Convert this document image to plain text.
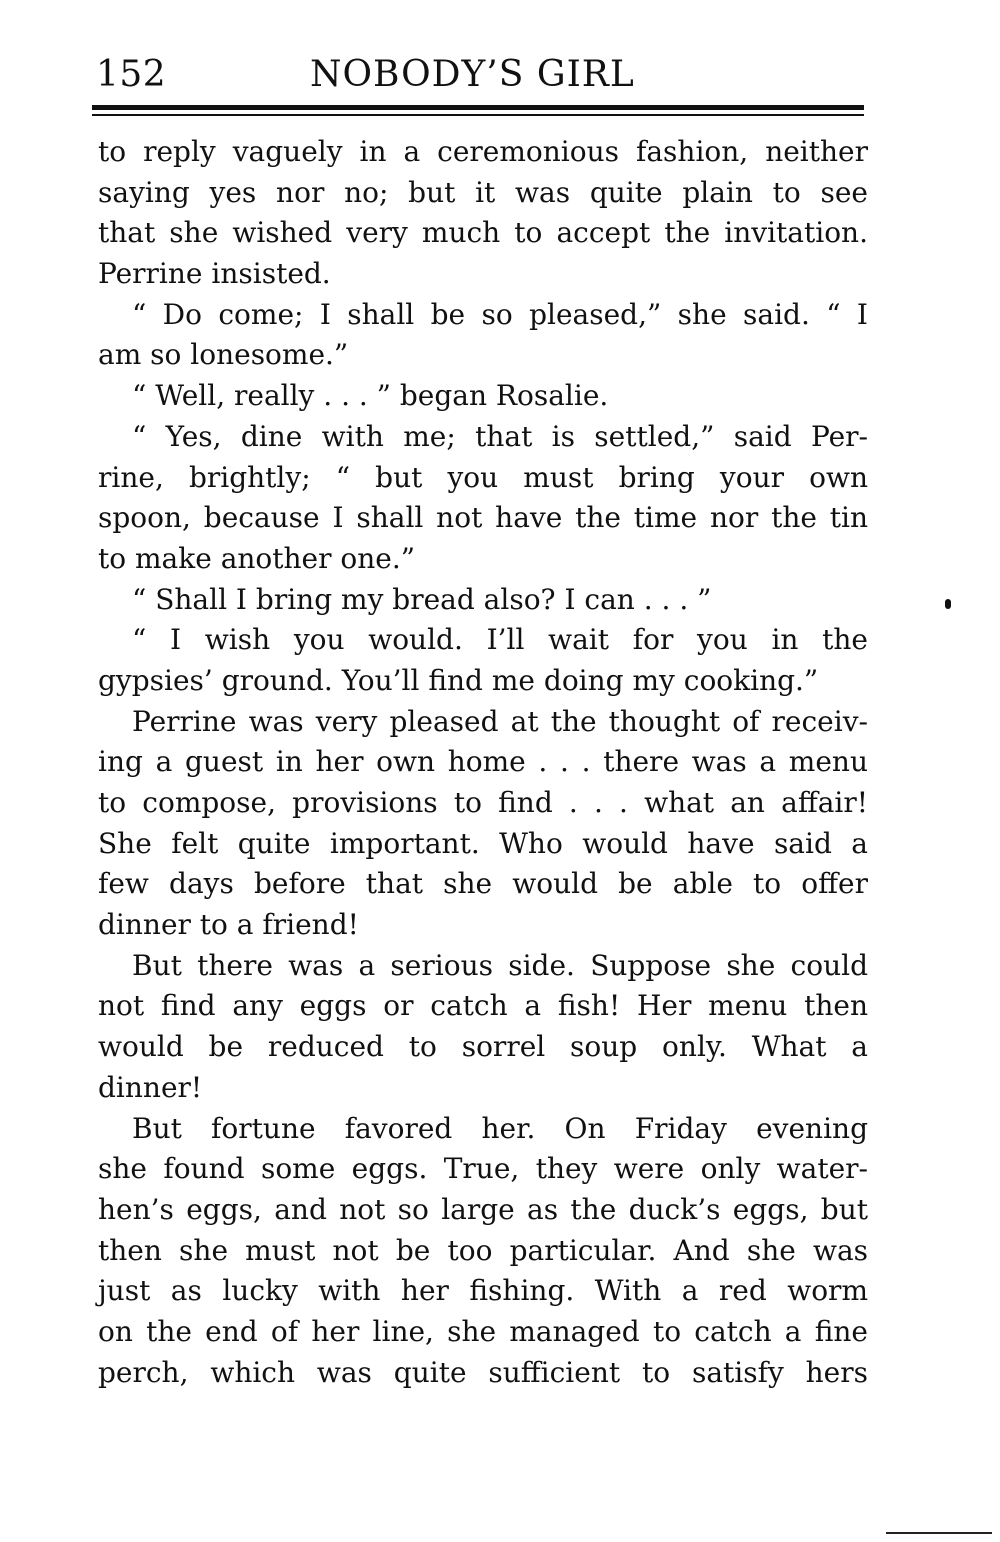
152	NOBODY’S GIRL
to reply vaguely in a ceremonious fashion, neither
saying yes nor no; but it was quite plain to see
that she wished very much to accept the invitation.
Perrine insisted.
“ Do come; I shall be so pleased,” she said. “ I
am so lonesome.”
“ Well, really . . . ” began Rosalie.
“ Yes, dine with me; that is settled,” said Per-
rine, brightly; “ but you must bring your own
spoon, because I shall not have the time nor the tin
to make another one.”
“ Shall I bring my bread also? I can . . . ”
“ I wish you would. I’ll wait for you in the
gypsies’ ground. You’ll find me doing my cooking.”
Perrine was very pleased at the thought of receiv-
ing a guest in her own home . . . there was a menu
to compose, provisions to find . . . what an affair!
She felt quite important. Who would have said a
few days before that she would be able to offer
dinner to a friend!
But there was a serious side. Suppose she could
not find any eggs or catch a fish! Her menu then
would be reduced to sorrel soup only. What a
dinner!
But fortune favored her. On Friday evening
she found some eggs. True, they were only water-
hen’s eggs, and not so large as the duck’s eggs, but
then she must not be too particular. And she was
just as lucky with her fishing. With a red worm
on the end of her line, she managed to catch a fine
perch, which was quite sufficient to satisfy hers
